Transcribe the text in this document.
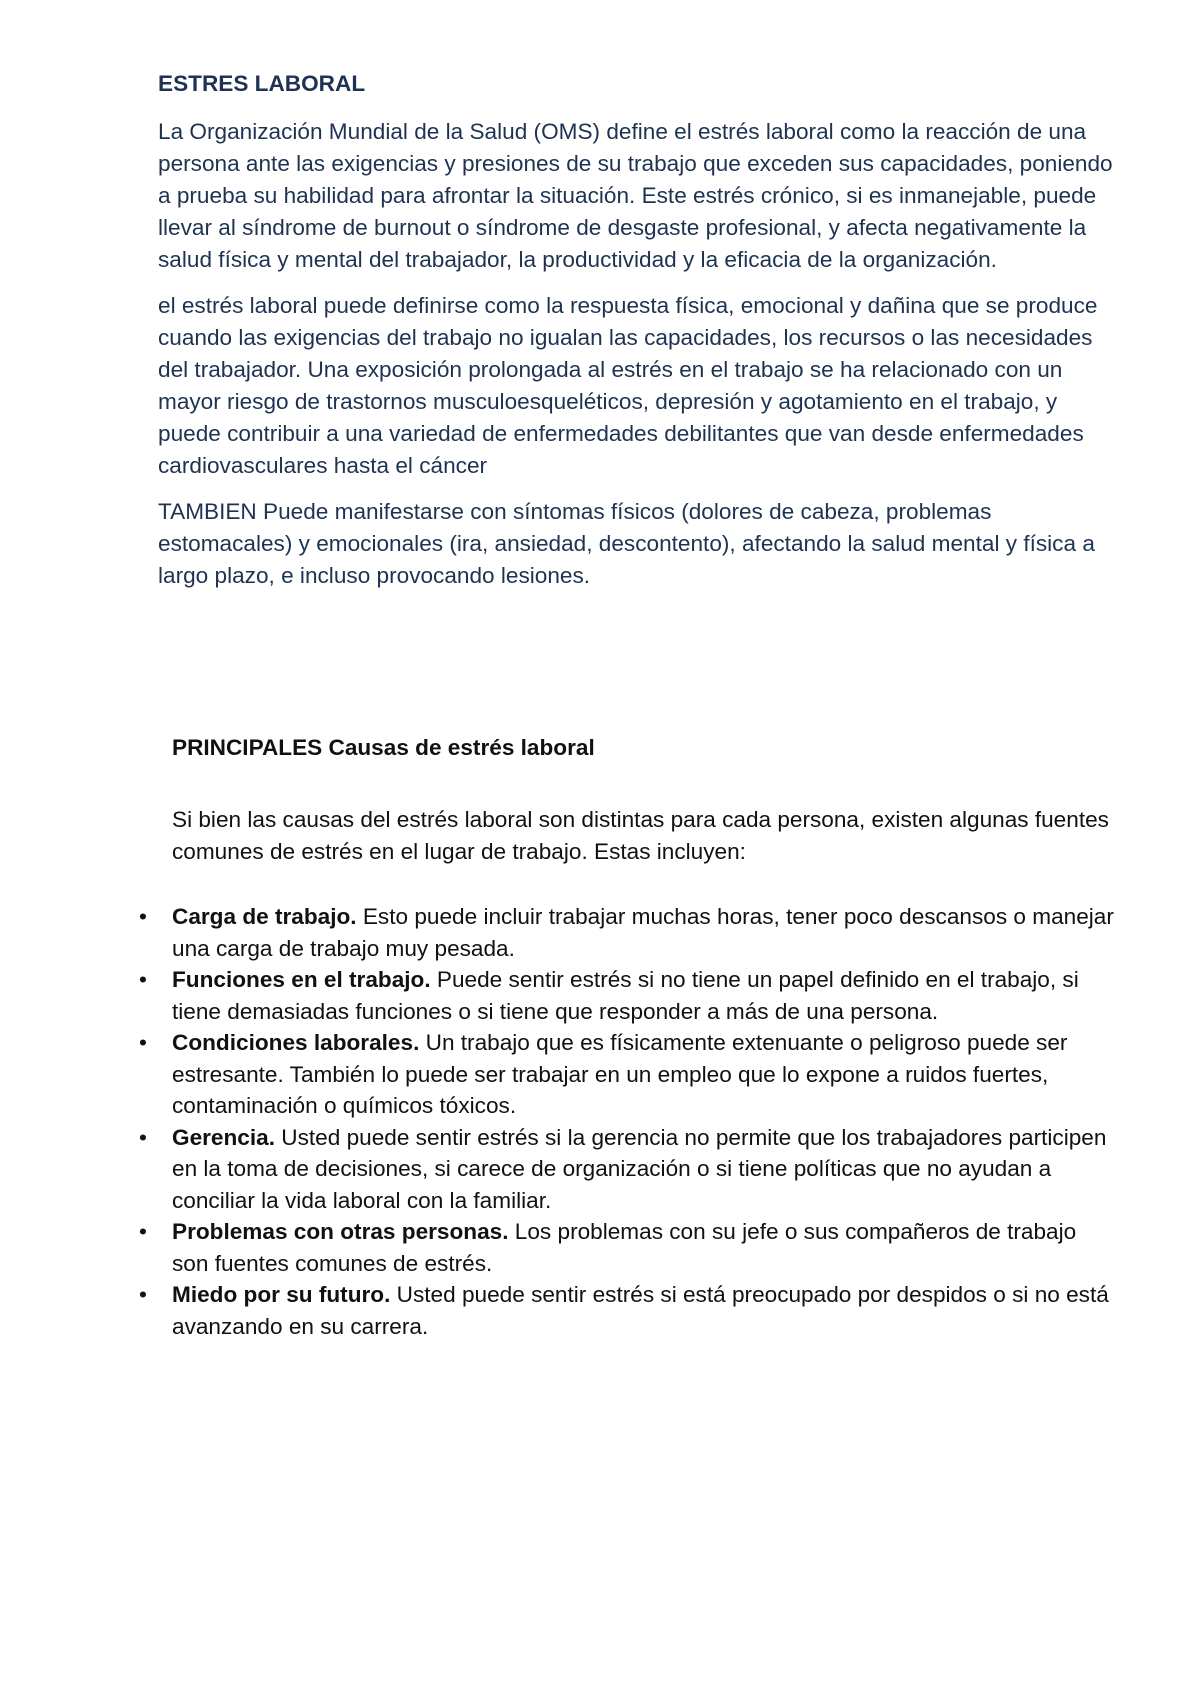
ESTRES LABORAL

La Organización Mundial de la Salud (OMS) define el estrés laboral como la reacción de una persona ante las exigencias y presiones de su trabajo que exceden sus capacidades, poniendo a prueba su habilidad para afrontar la situación. Este estrés crónico, si es inmanejable, puede llevar al síndrome de burnout o síndrome de desgaste profesional, y afecta negativamente la salud física y mental del trabajador, la productividad y la eficacia de la organización.

el estrés laboral puede definirse como la respuesta física, emocional y dañina que se produce cuando las exigencias del trabajo no igualan las capacidades, los recursos o las necesidades del trabajador. Una exposición prolongada al estrés en el trabajo se ha relacionado con un mayor riesgo de trastornos musculoesqueléticos, depresión y agotamiento en el trabajo, y puede contribuir a una variedad de enfermedades debilitantes que van desde enfermedades cardiovasculares hasta el cáncer

TAMBIEN Puede manifestarse con síntomas físicos (dolores de cabeza, problemas estomacales) y emocionales (ira, ansiedad, descontento), afectando la salud mental y física a largo plazo, e incluso provocando lesiones.

PRINCIPALES Causas de estrés laboral

Si bien las causas del estrés laboral son distintas para cada persona, existen algunas fuentes comunes de estrés en el lugar de trabajo. Estas incluyen:

• Carga de trabajo. Esto puede incluir trabajar muchas horas, tener poco descansos o manejar una carga de trabajo muy pesada.
• Funciones en el trabajo. Puede sentir estrés si no tiene un papel definido en el trabajo, si tiene demasiadas funciones o si tiene que responder a más de una persona.
• Condiciones laborales. Un trabajo que es físicamente extenuante o peligroso puede ser estresante. También lo puede ser trabajar en un empleo que lo expone a ruidos fuertes, contaminación o químicos tóxicos.
• Gerencia. Usted puede sentir estrés si la gerencia no permite que los trabajadores participen en la toma de decisiones, si carece de organización o si tiene políticas que no ayudan a conciliar la vida laboral con la familiar.
• Problemas con otras personas. Los problemas con su jefe o sus compañeros de trabajo son fuentes comunes de estrés.
• Miedo por su futuro. Usted puede sentir estrés si está preocupado por despidos o si no está avanzando en su carrera.
